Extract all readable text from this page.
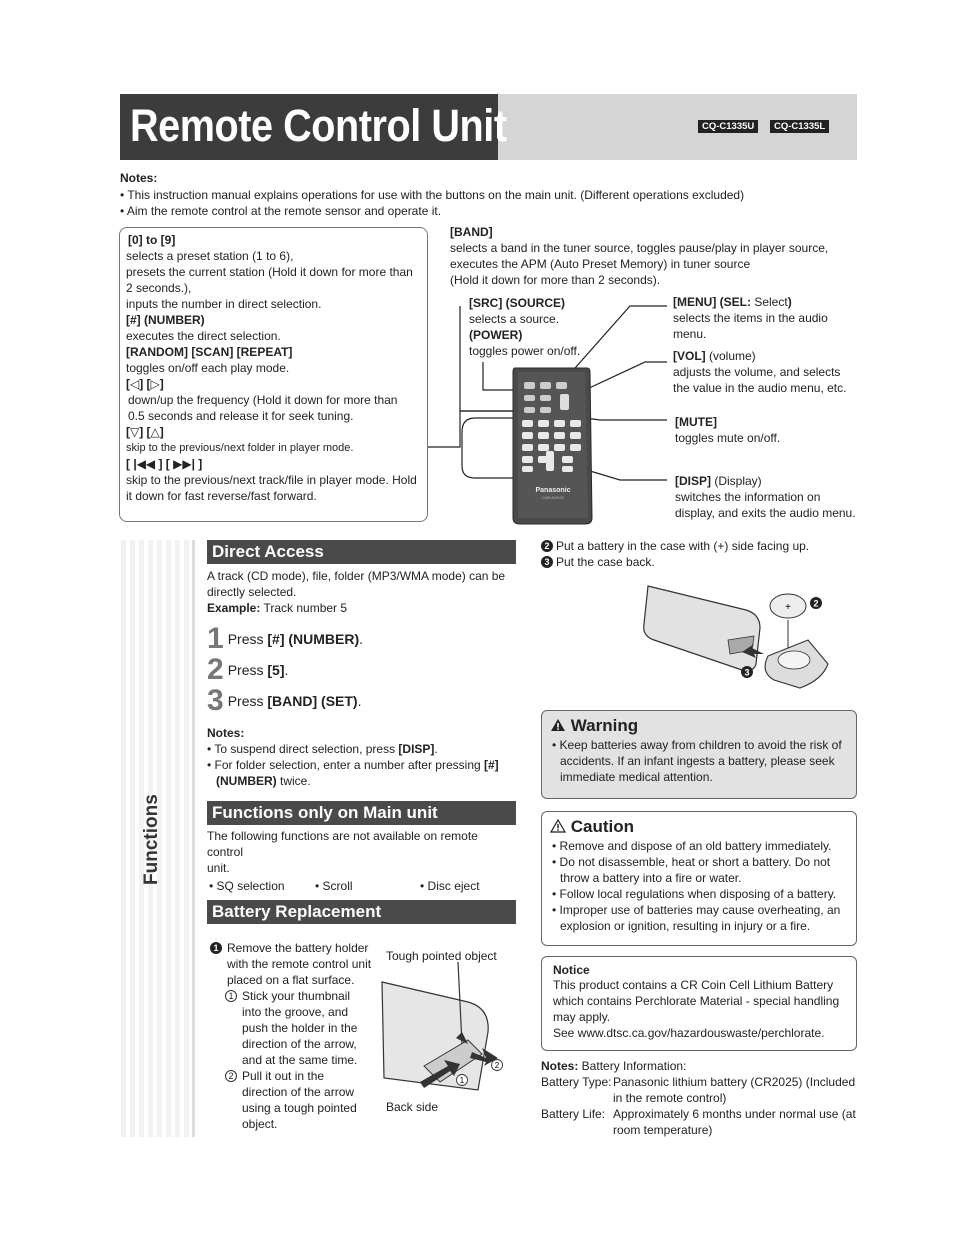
Remote Control Unit	CQ-C1335U	CQ-C1335L
Notes:
• This instruction manual explains operations for use with the buttons on the main unit. (Different operations excluded)
• Aim the remote control at the remote sensor and operate it.
[0] to [9]
selects a preset station (1 to 6),
presets the current station (Hold it down for more than
2 seconds.),
inputs the number in direct selection.
[#] (NUMBER)
executes the direct selection.
[RANDOM] [SCAN] [REPEAT]
toggles on/off each play mode.
[◁] [▷]
down/up the frequency (Hold it down for more than
0.5 seconds and release it for seek tuning.
[▽] [△]
skip to the previous/next folder in player mode.
[ |◀◀ ] [ ▶▶| ]
skip to the previous/next track/file in player mode. Hold
it down for fast reverse/fast forward.
[BAND]
selects a band in the tuner source, toggles pause/play in player source,
executes the APM (Auto Preset Memory) in tuner source
(Hold it down for more than 2 seconds).
[SRC] (SOURCE)
selects a source.
(POWER)
toggles power on/off.
[MENU] (SEL: Select)
selects the items in the audio
menu.
[VOL] (volume)
adjusts the volume, and selects
the value in the audio menu, etc.
[MUTE]
toggles mute on/off.
[DISP] (Display)
switches the information on
display, and exits the audio menu.
Panasonic
CAR AUDIO
Functions
Direct Access
A track (CD mode), file, folder (MP3/WMA mode) can be
directly selected.
Example: Track number 5
1 Press [#] (NUMBER).
2 Press [5].
3 Press [BAND] (SET).
Notes:
• To suspend direct selection, press [DISP].
• For folder selection, enter a number after pressing [#]
(NUMBER) twice.
Functions only on Main unit
The following functions are not available on remote control
unit.
• SQ selection	• Scroll	• Disc eject
Battery Replacement
1 Remove the battery holder
with the remote control unit
placed on a flat surface.
1 Stick your thumbnail
into the groove, and
push the holder in the
direction of the arrow,
and at the same time.
2 Pull it out in the
direction of the arrow
using a tough pointed
object.
Tough pointed object
Back side
1
2
2 Put a battery in the case with (+) side facing up.
3 Put the case back.
+	2
3
Warning
• Keep batteries away from children to avoid the risk of
accidents. If an infant ingests a battery, please seek
immediate medical attention.
Caution
• Remove and dispose of an old battery immediately.
• Do not disassemble, heat or short a battery. Do not
throw a battery into a fire or water.
• Follow local regulations when disposing of a battery.
• Improper use of batteries may cause overheating, an
explosion or ignition, resulting in injury or a fire.
Notice
This product contains a CR Coin Cell Lithium Battery
which contains Perchlorate Material - special handling
may apply.
See www.dtsc.ca.gov/hazardouswaste/perchlorate.
Notes: Battery Information:
Battery Type: Panasonic lithium battery (CR2025) (Included
in the remote control)
Battery Life: Approximately 6 months under normal use (at
room temperature)
